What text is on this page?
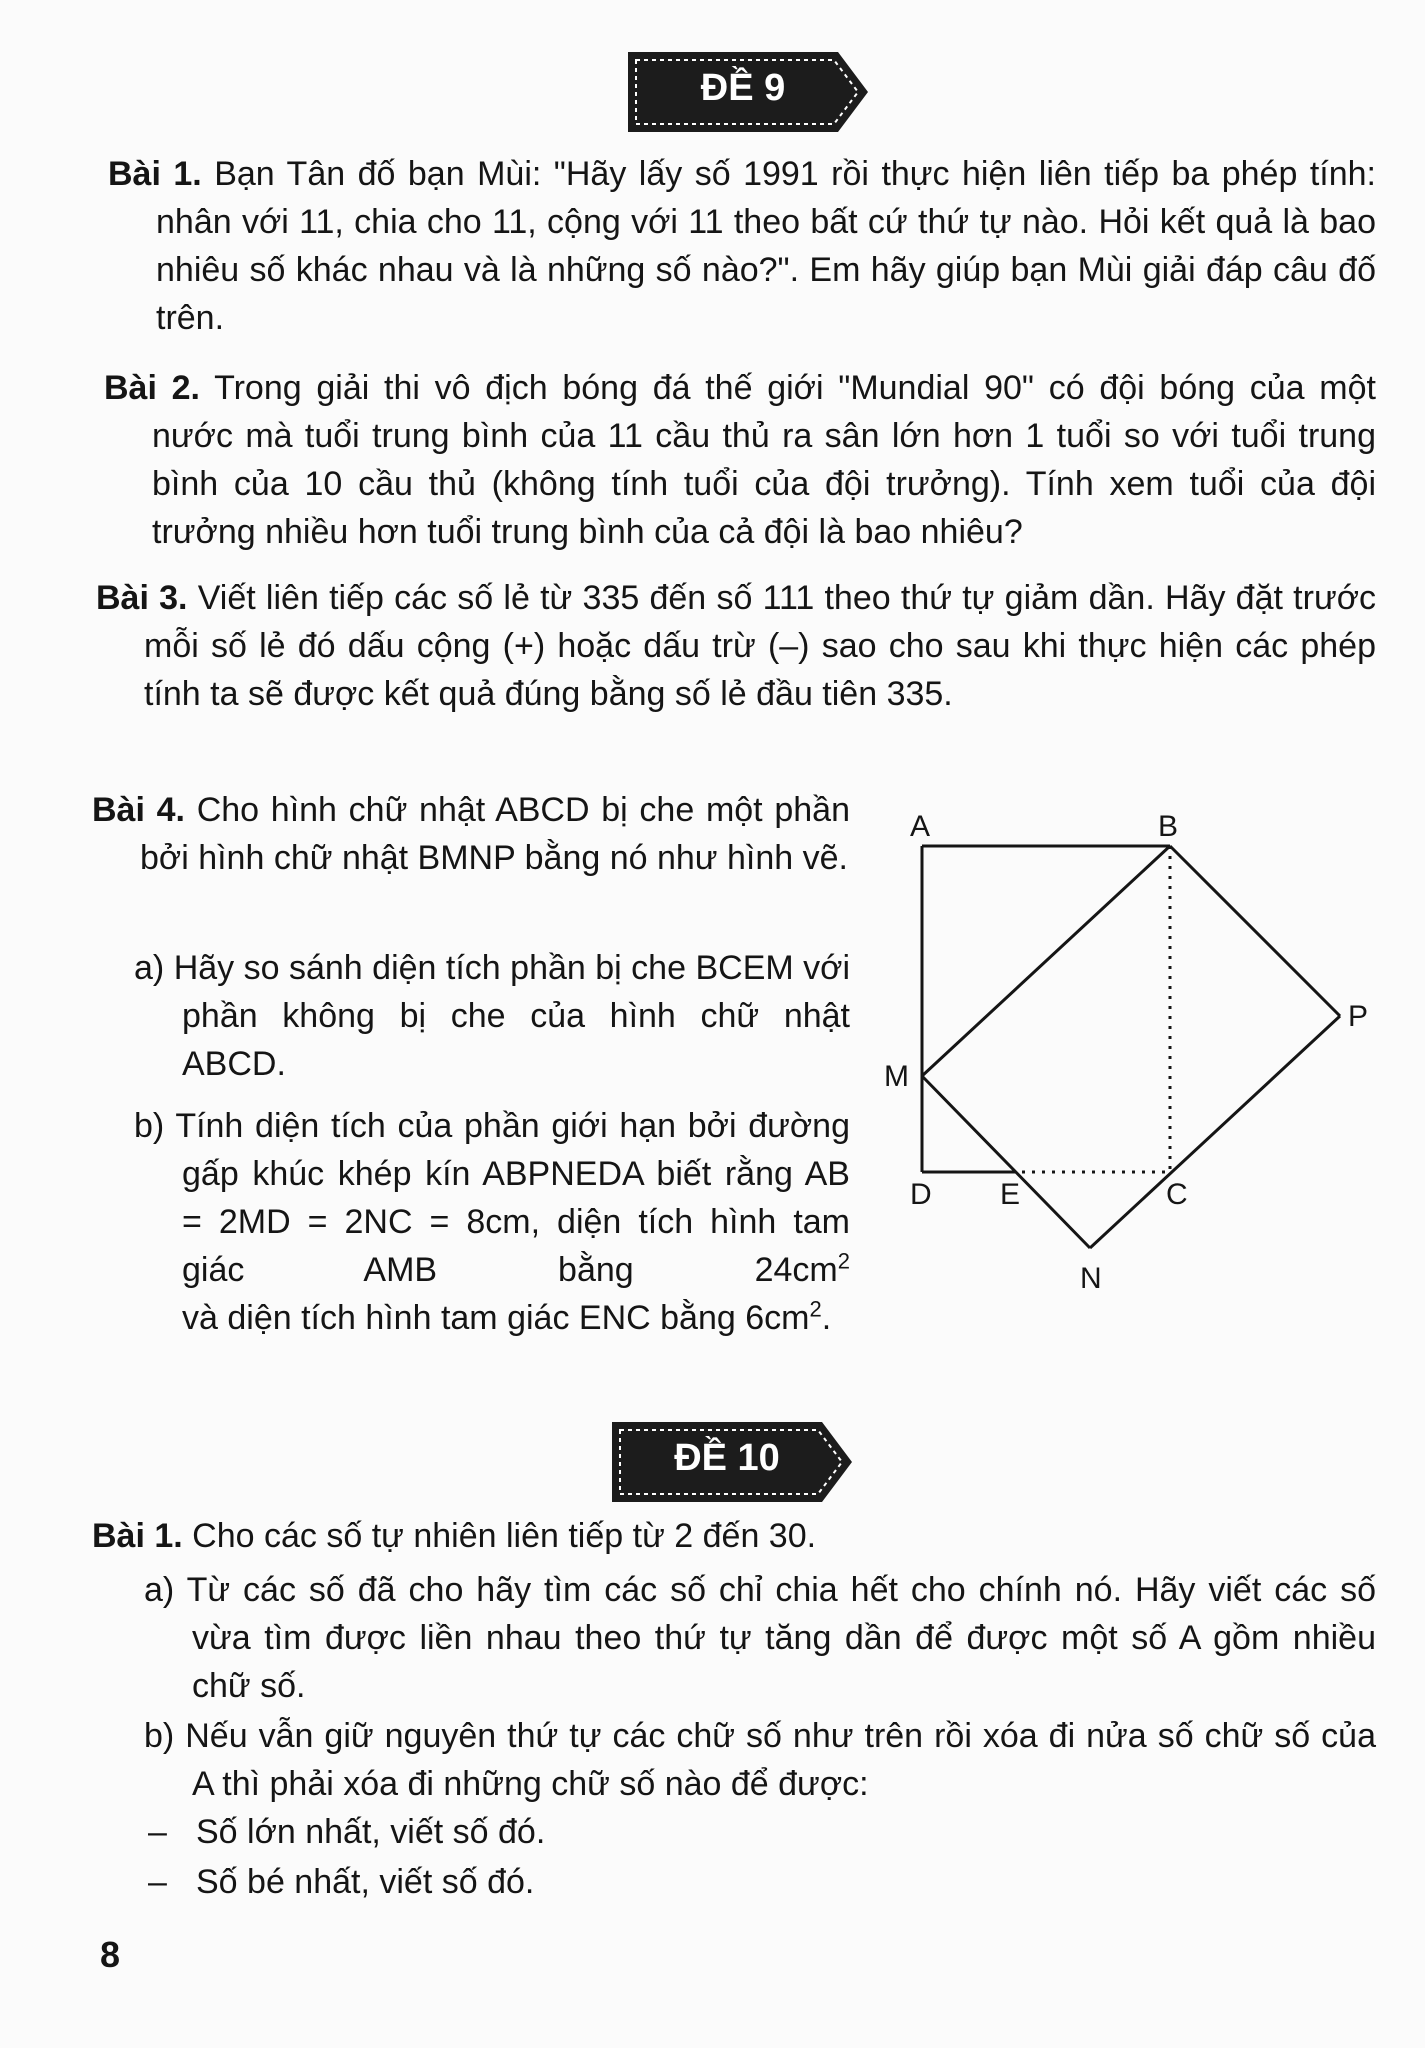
ĐỀ 9

Bài 1. Bạn Tân đố bạn Mùi: "Hãy lấy số 1991 rồi thực hiện liên tiếp ba phép tính: nhân với 11, chia cho 11, cộng với 11 theo bất cứ thứ tự nào. Hỏi kết quả là bao nhiêu số khác nhau và là những số nào?". Em hãy giúp bạn Mùi giải đáp câu đố trên.

Bài 2. Trong giải thi vô địch bóng đá thế giới "Mundial 90" có đội bóng của một nước mà tuổi trung bình của 11 cầu thủ ra sân lớn hơn 1 tuổi so với tuổi trung bình của 10 cầu thủ (không tính tuổi của đội trưởng). Tính xem tuổi của đội trưởng nhiều hơn tuổi trung bình của cả đội là bao nhiêu?

Bài 3. Viết liên tiếp các số lẻ từ 335 đến số 111 theo thứ tự giảm dần. Hãy đặt trước mỗi số lẻ đó dấu cộng (+) hoặc dấu trừ (–) sao cho sau khi thực hiện các phép tính ta sẽ được kết quả đúng bằng số lẻ đầu tiên 335.

Bài 4. Cho hình chữ nhật ABCD bị che một phần bởi hình chữ nhật BMNP bằng nó như hình vẽ.

a) Hãy so sánh diện tích phần bị che BCEM với phần không bị che của hình chữ nhật ABCD.

b) Tính diện tích của phần giới hạn bởi đường gấp khúc khép kín ABPNEDA biết rằng AB = 2MD = 2NC = 8cm, diện tích hình tam giác AMB bằng $24cm^2$ và diện tích hình tam giác ENC bằng $6cm^2$.

A	B
P
M
D E	C
N
ĐỀ 10

Bài 1. Cho các số tự nhiên liên tiếp từ 2 đến 30.

a) Từ các số đã cho hãy tìm các số chỉ chia hết cho chính nó. Hãy viết các số vừa tìm được liền nhau theo thứ tự tăng dần để được một số A gồm nhiều chữ số.

b) Nếu vẫn giữ nguyên thứ tự các chữ số như trên rồi xóa đi nửa số chữ số của A thì phải xóa đi những chữ số nào để được:

– Số lớn nhất, viết số đó.

– Số bé nhất, viết số đó.

8
